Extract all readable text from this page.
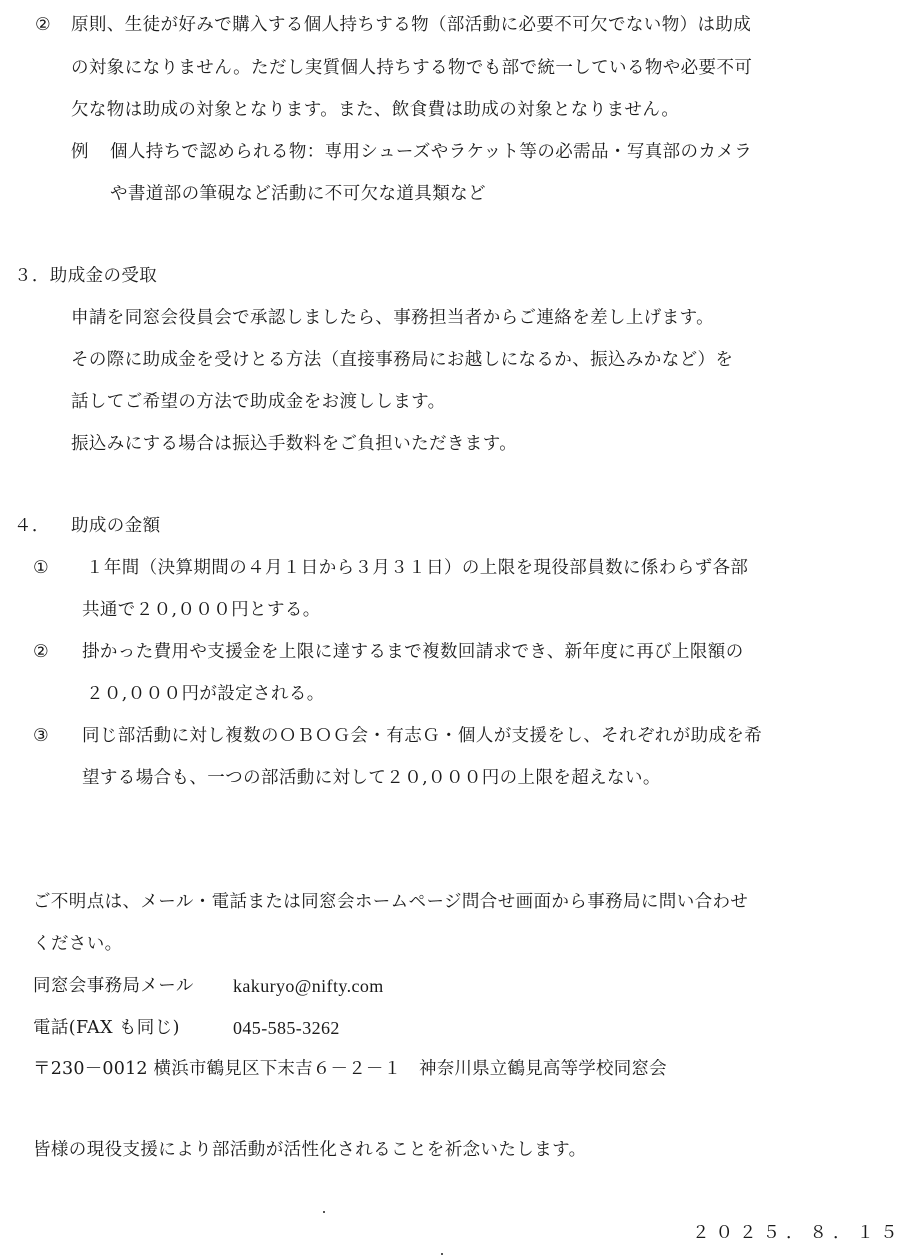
② 原則、生徒が好みで購入する個人持ちする物（部活動に必要不可欠でない物）は助成
の対象になりません。ただし実質個人持ちする物でも部で統一している物や必要不可
欠な物は助成の対象となります。また、飲食費は助成の対象となりません。
例 個人持ちで認められる物：専用シューズやラケット等の必需品・写真部のカメラ
や書道部の筆硯など活動に不可欠な道具類など
３．助成金の受取
申請を同窓会役員会で承認しましたら、事務担当者からご連絡を差し上げます。
その際に助成金を受けとる方法（直接事務局にお越しになるか、振込みかなど）を
話してご希望の方法で助成金をお渡しします。
振込みにする場合は振込手数料をご負担いただきます。
４． 助成の金額
① １年間（決算期間の４月１日から３月３１日）の上限を現役部員数に係わらず各部
共通で２０,０００円とする。
② 掛かった費用や支援金を上限に達するまで複数回請求でき、新年度に再び上限額の
２０,０００円が設定される。
③ 同じ部活動に対し複数のＯＢＯＧ会・有志Ｇ・個人が支援をし、それぞれが助成を希
望する場合も、一つの部活動に対して２０,０００円の上限を超えない。
ご不明点は、メール・電話または同窓会ホームページ問合せ画面から事務局に問い合わせ
ください。
同窓会事務局メール kakuryo@nifty.com
電話(FAX も同じ)	045-585-3262
〒230－0012 横浜市鶴見区下末吉６－２－１　神奈川県立鶴見高等学校同窓会
皆様の現役支援により部活動が活性化されることを祈念いたします。
２０２５．８．１５
